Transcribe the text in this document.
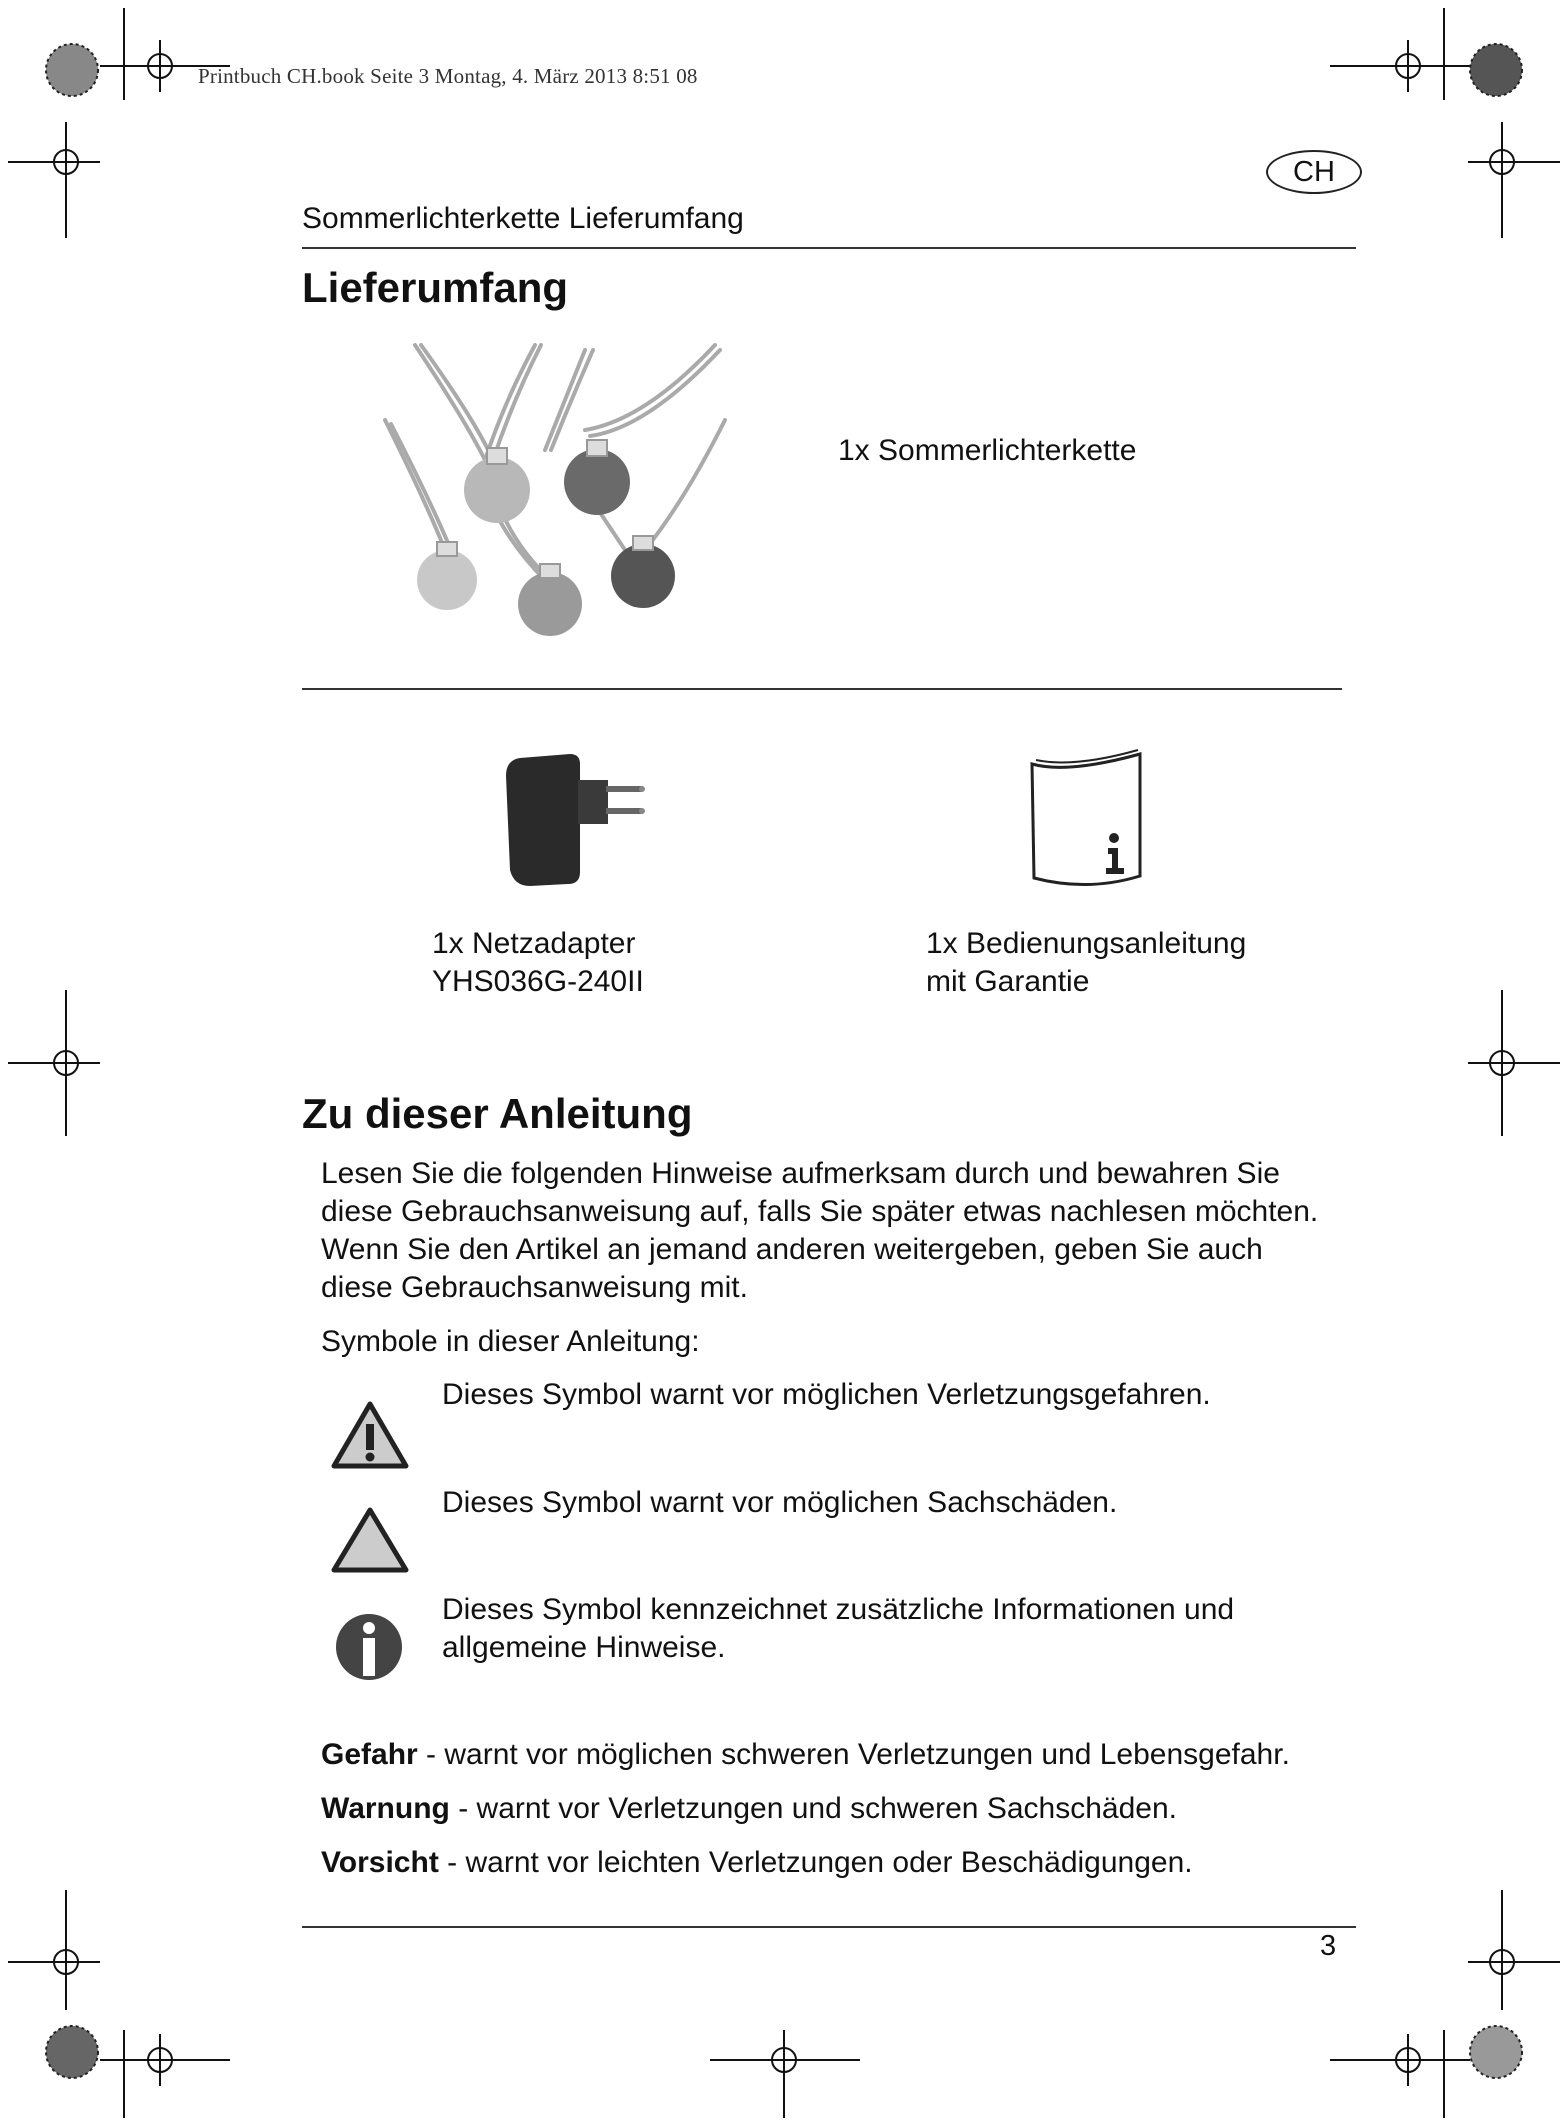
Printbuch CH.book Seite 3 Montag, 4. März 2013 8:51 08
CH
Sommerlichterkette Lieferumfang
Lieferumfang
1x Sommerlichterkette
1x Netzadapter
YHS036G-240II
1x Bedienungsanleitung
mit Garantie
Zu dieser Anleitung
Lesen Sie die folgenden Hinweise aufmerksam durch und bewahren Sie
diese Gebrauchsanweisung auf, falls Sie später etwas nachlesen möchten.
Wenn Sie den Artikel an jemand anderen weitergeben, geben Sie auch
diese Gebrauchsanweisung mit.
Symbole in dieser Anleitung:
Dieses Symbol warnt vor möglichen Verletzungsgefahren.
Dieses Symbol warnt vor möglichen Sachschäden.
Dieses Symbol kennzeichnet zusätzliche Informationen und
allgemeine Hinweise.
Gefahr - warnt vor möglichen schweren Verletzungen und Lebensgefahr.
Warnung - warnt vor Verletzungen und schweren Sachschäden.
Vorsicht - warnt vor leichten Verletzungen oder Beschädigungen.
3
